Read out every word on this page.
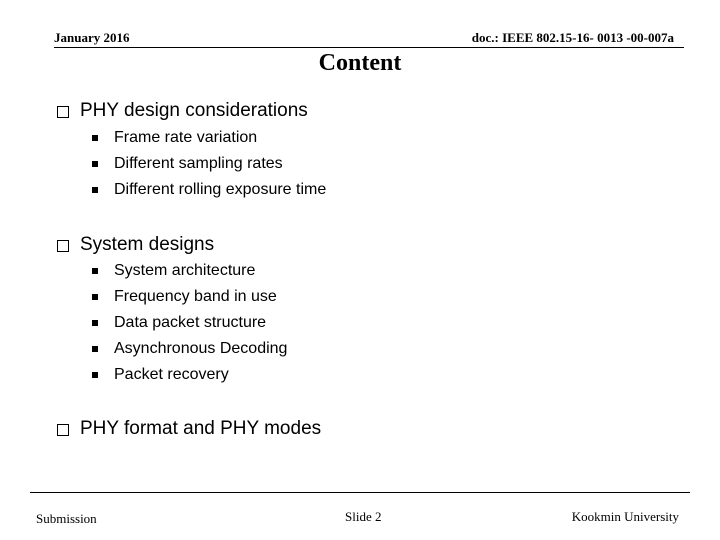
January 2016	doc.: IEEE 802.15-16- 0013 -00-007a
Content
PHY design considerations
Frame rate variation
Different sampling rates
Different rolling exposure time
System designs
System architecture
Frequency band in use
Data packet structure
Asynchronous Decoding
Packet recovery
PHY format and PHY modes
Submission	Slide 2	Kookmin University
